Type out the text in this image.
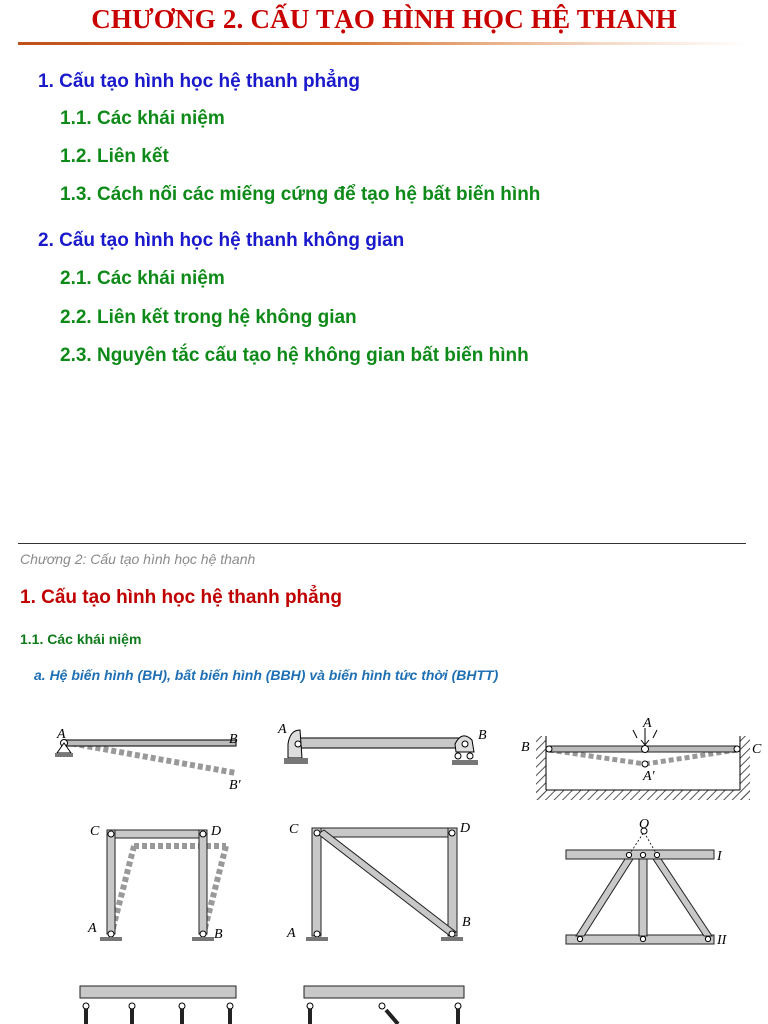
CHƯƠNG 2. CẤU TẠO HÌNH HỌC HỆ THANH
1. Cấu tạo hình học hệ thanh phẳng
1.1. Các khái niệm
1.2. Liên kết
1.3. Cách nối các miếng cứng để tạo hệ bất biến hình
2. Cấu tạo hình học hệ thanh không gian
2.1. Các khái niệm
2.2. Liên kết trong hệ không gian
2.3. Nguyên tắc cấu tạo hệ không gian bất biến hình
Chương 2: Cấu tạo hình học hệ thanh
1. Cấu tạo hình học hệ thanh phẳng
1.1. Các khái niệm
a. Hệ biến hình (BH), bất biến hình (BBH) và biến hình tức thời (BHTT)
A	B
B'
A	B
B	C
A
A'
C	D
A	B
C	D
A
B
O
I
II
